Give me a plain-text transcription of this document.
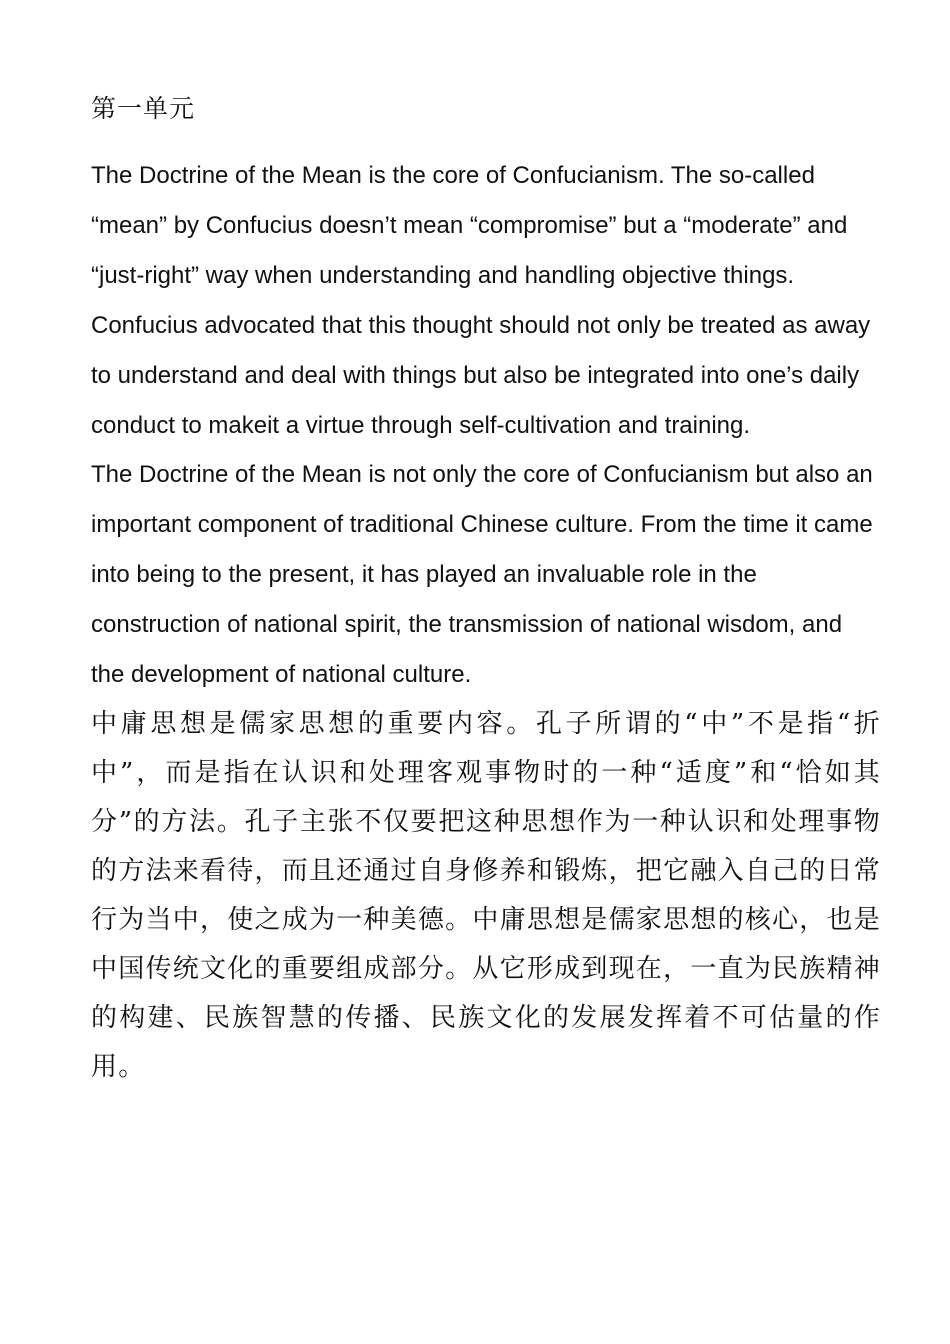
第一单元

The Doctrine of the Mean is the core of Confucianism. The so-called “mean” by Confucius doesn’t mean “compromise” but a “moderate” and “just-right” way when understanding and handling objective things. Confucius advocated that this thought should not only be treated as away to understand and deal with things but also be integrated into one’s daily conduct to makeit a virtue through self-cultivation and training.

The Doctrine of the Mean is not only the core of Confucianism but also an important component of traditional Chinese culture. From the time it came into being to the present, it has played an invaluable role in the construction of national spirit, the transmission of national wisdom, and the development of national culture.

中庸思想是儒家思想的重要内容。孔子所谓的“中”不是指“折中”，而是指在认识和处理客观事物时的一种“适度”和“恰如其分”的方法。孔子主张不仅要把这种思想作为一种认识和处理事物的方法来看待，而且还通过自身修养和锻炼，把它融入自己的日常行为当中，使之成为一种美德。中庸思想是儒家思想的核心，也是中国传统文化的重要组成部分。从它形成到现在，一直为民族精神的构建、民族智慧的传播、民族文化的发展发挥着不可估量的作用。
